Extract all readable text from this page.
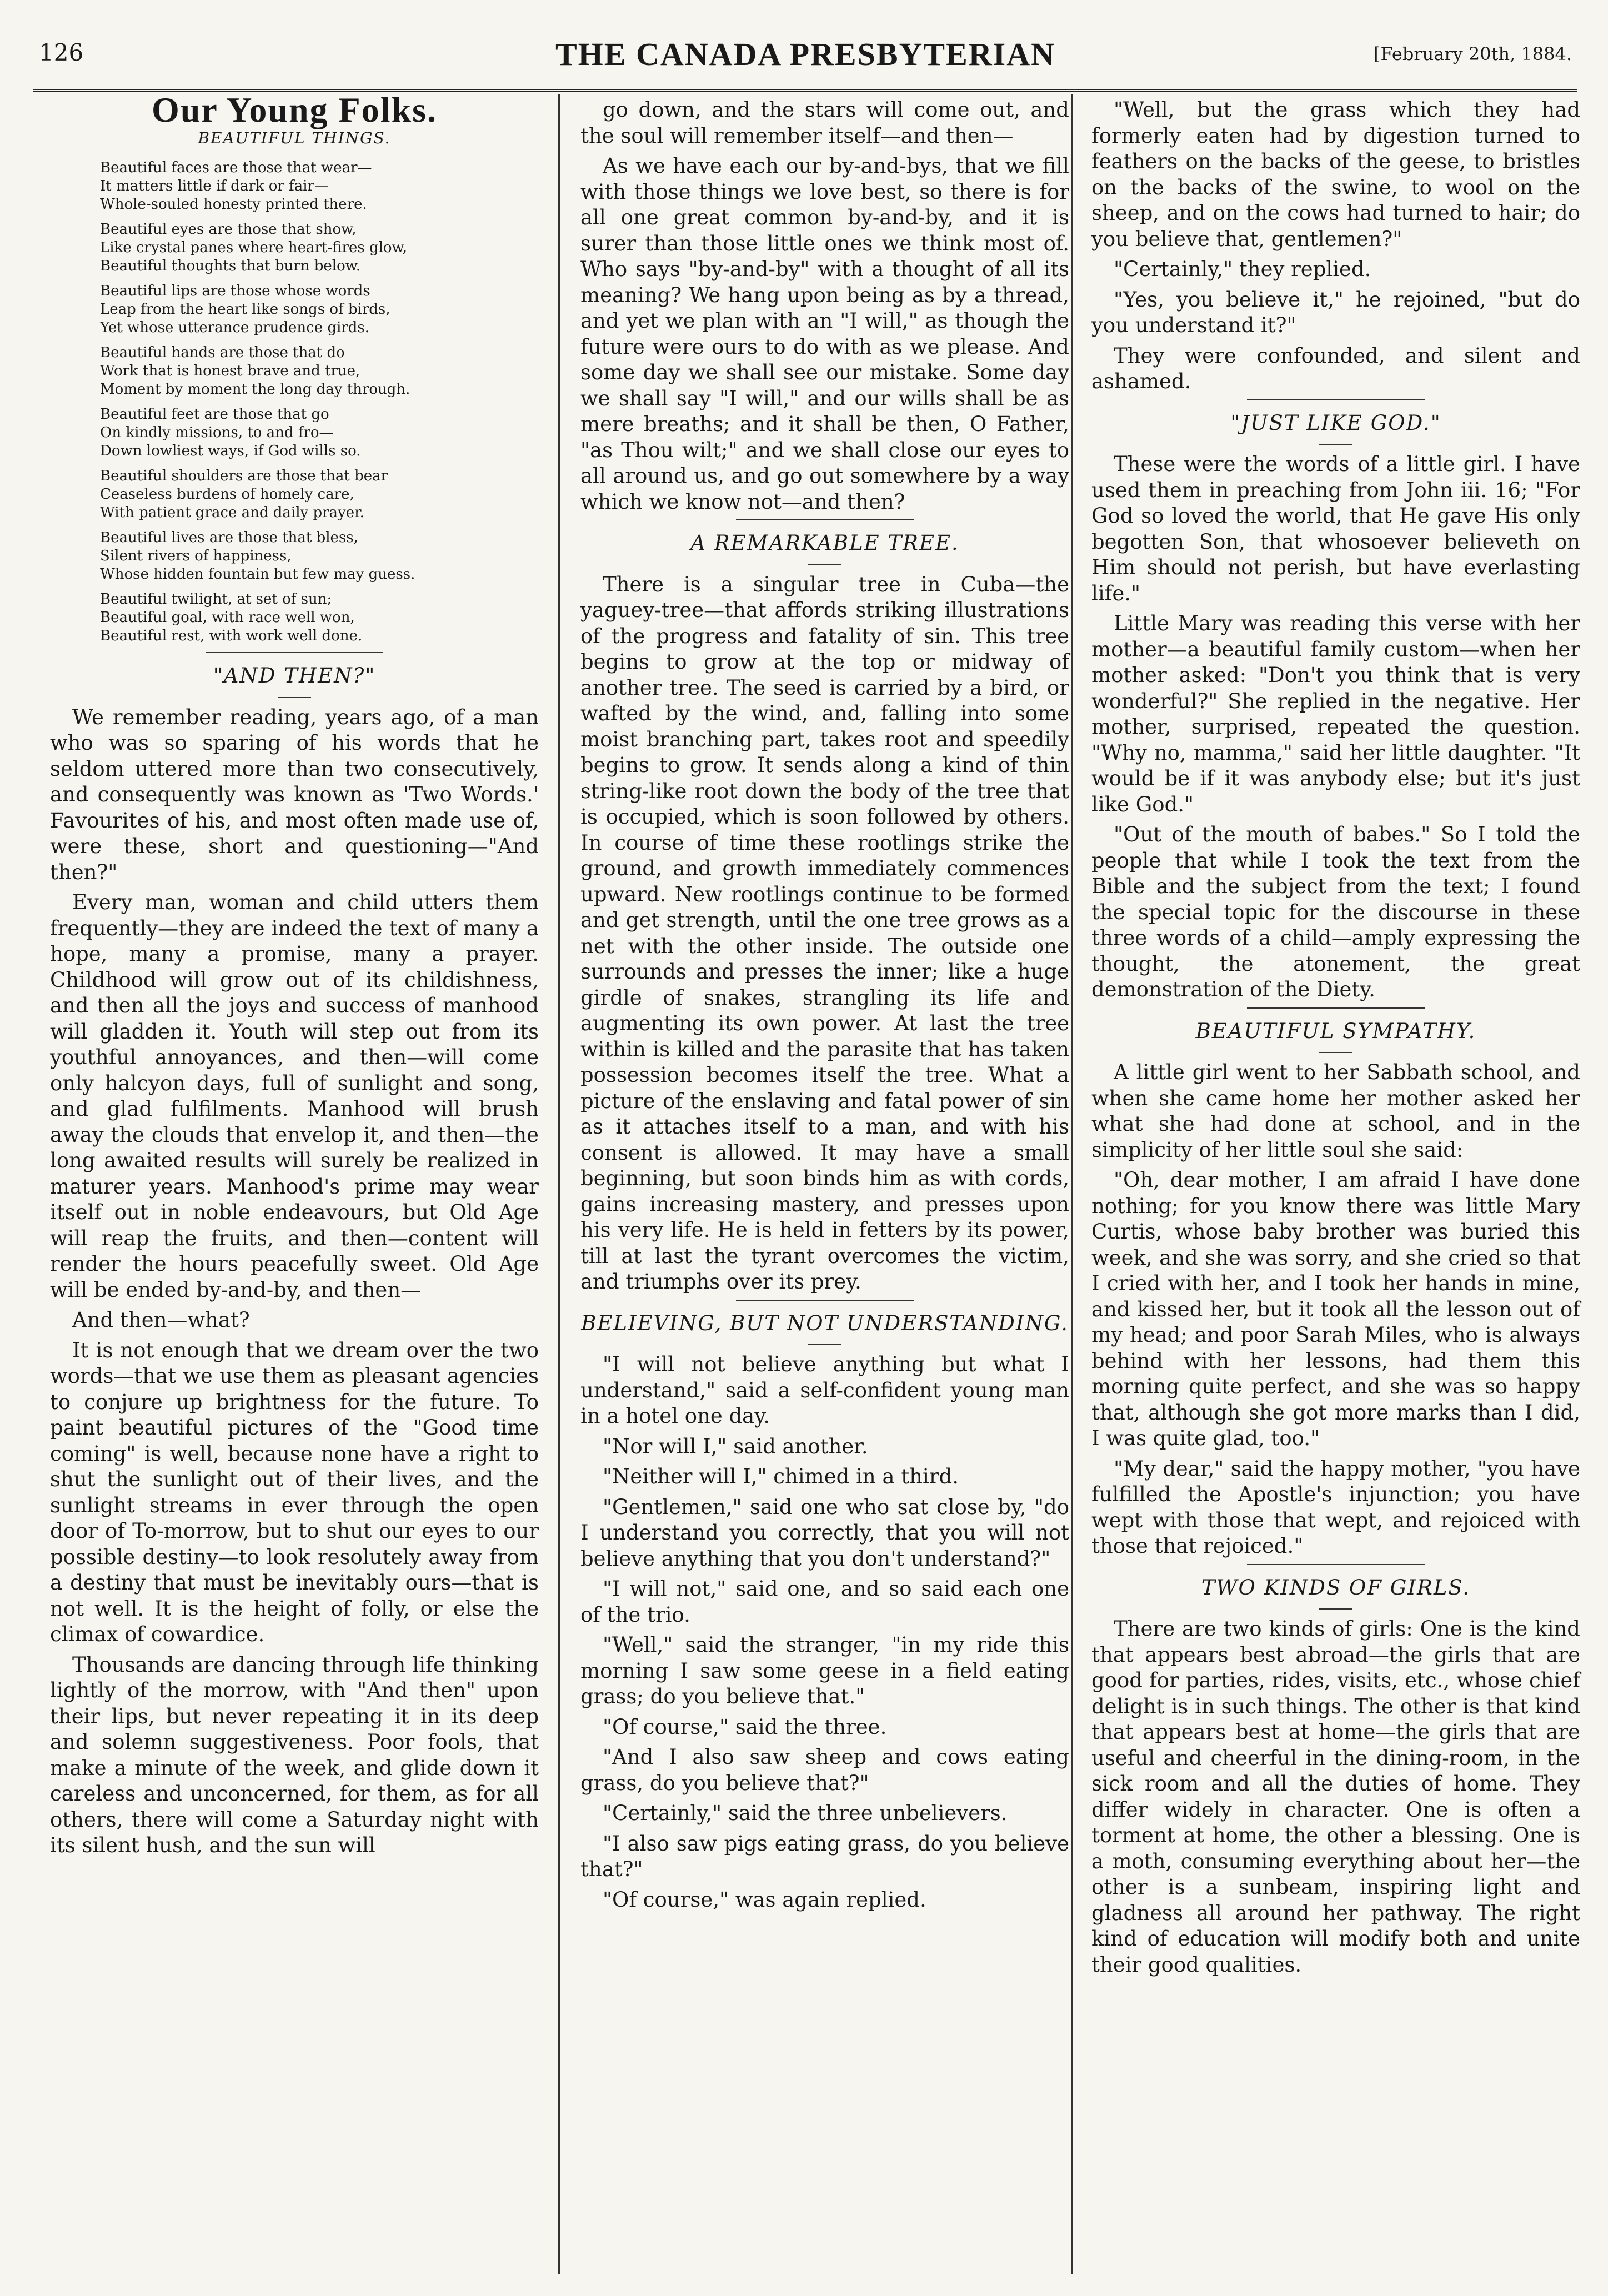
126	THE CANADA PRESBYTERIAN	[February 20th, 1884.
Our Young Folks.
BEAUTIFUL THINGS.
Beautiful faces are those that wear—
It matters little if dark or fair—
Whole-souled honesty printed there.
Beautiful eyes are those that show,
Like crystal panes where heart-fires glow,
Beautiful thoughts that burn below.
Beautiful lips are those whose words
Leap from the heart like songs of birds,
Yet whose utterance prudence girds.
Beautiful hands are those that do
Work that is honest brave and true,
Moment by moment the long day through.
Beautiful feet are those that go
On kindly missions, to and fro—
Down lowliest ways, if God wills so.
Beautiful shoulders are those that bear
Ceaseless burdens of homely care,
With patient grace and daily prayer.
Beautiful lives are those that bless,
Silent rivers of happiness,
Whose hidden fountain but few may guess.
Beautiful twilight, at set of sun;
Beautiful goal, with race well won,
Beautiful rest, with work well done.
"AND THEN?"

We remember reading, years ago, of a man who was so sparing of his words that he seldom uttered more than two consecutively, and consequently was known as 'Two Words.' Favourites of his, and most often made use of, were these, short and questioning—"And then?"

Every man, woman and child utters them frequently—they are indeed the text of many a hope, many a promise, many a prayer. Childhood will grow out of its childishness, and then all the joys and success of manhood will gladden it. Youth will step out from its youthful annoyances, and then—will come only halcyon days, full of sunlight and song, and glad fulfilments. Manhood will brush away the clouds that envelop it, and then—the long awaited results will surely be realized in maturer years. Manhood's prime may wear itself out in noble endeavours, but Old Age will reap the fruits, and then—content will render the hours peacefully sweet. Old Age will be ended by-and-by, and then—

And then—what?

It is not enough that we dream over the two words—that we use them as pleasant agencies to conjure up brightness for the future. To paint beautiful pictures of the "Good time coming" is well, because none have a right to shut the sunlight out of their lives, and the sunlight streams in ever through the open door of To-morrow, but to shut our eyes to our possible destiny—to look resolutely away from a destiny that must be inevitably ours—that is not well. It is the height of folly, or else the climax of cowardice.

Thousands are dancing through life thinking lightly of the morrow, with "And then" upon their lips, but never repeating it in its deep and solemn suggestiveness. Poor fools, that make a minute of the week, and glide down it careless and unconcerned, for them, as for all others, there will come a Saturday night with its silent hush, and the sun will

go down, and the stars will come out, and the soul will remember itself—and then—

As we have each our by-and-bys, that we fill with those things we love best, so there is for all one great common by-and-by, and it is surer than those little ones we think most of. Who says "by-and-by" with a thought of all its meaning? We hang upon being as by a thread, and yet we plan with an "I will," as though the future were ours to do with as we please. And some day we shall see our mistake. Some day we shall say "I will," and our wills shall be as mere breaths; and it shall be then, O Father, "as Thou wilt;" and we shall close our eyes to all around us, and go out somewhere by a way which we know not—and then?

A REMARKABLE TREE.

There is a singular tree in Cuba—the yaguey-tree—that affords striking illustrations of the progress and fatality of sin. This tree begins to grow at the top or midway of another tree. The seed is carried by a bird, or wafted by the wind, and, falling into some moist branching part, takes root and speedily begins to grow. It sends along a kind of thin string-like root down the body of the tree that is occupied, which is soon followed by others. In course of time these rootlings strike the ground, and growth immediately commences upward. New rootlings continue to be formed and get strength, until the one tree grows as a net with the other inside. The outside one surrounds and presses the inner; like a huge girdle of snakes, strangling its life and augmenting its own power. At last the tree within is killed and the parasite that has taken possession becomes itself the tree. What a picture of the enslaving and fatal power of sin as it attaches itself to a man, and with his consent is allowed. It may have a small beginning, but soon binds him as with cords, gains increasing mastery, and presses upon his very life. He is held in fetters by its power, till at last the tyrant overcomes the victim, and triumphs over its prey.

BELIEVING, BUT NOT UNDERSTANDING.

"I will not believe anything but what I understand," said a self-confident young man in a hotel one day.

"Nor will I," said another.

"Neither will I," chimed in a third.

"Gentlemen," said one who sat close by, "do I understand you correctly, that you will not believe anything that you don't understand?"

"I will not," said one, and so said each one of the trio.

"Well," said the stranger, "in my ride this morning I saw some geese in a field eating grass; do you believe that."

"Of course," said the three.

"And I also saw sheep and cows eating grass, do you believe that?"

"Certainly," said the three unbelievers.

"I also saw pigs eating grass, do you believe that?"

"Of course," was again replied.

"Well, but the grass which they had formerly eaten had by digestion turned to feathers on the backs of the geese, to bristles on the backs of the swine, to wool on the sheep, and on the cows had turned to hair; do you believe that, gentlemen?"

"Certainly," they replied.

"Yes, you believe it," he rejoined, "but do you understand it?"

They were confounded, and silent and ashamed.

"JUST LIKE GOD."

These were the words of a little girl. I have used them in preaching from John iii. 16; "For God so loved the world, that He gave His only begotten Son, that whosoever believeth on Him should not perish, but have everlasting life."

Little Mary was reading this verse with her mother—a beautiful family custom—when her mother asked: "Don't you think that is very wonderful?" She replied in the negative. Her mother, surprised, repeated the question. "Why no, mamma," said her little daughter. "It would be if it was anybody else; but it's just like God."

"Out of the mouth of babes." So I told the people that while I took the text from the Bible and the subject from the text; I found the special topic for the discourse in these three words of a child—amply expressing the thought, the atonement, the great demonstration of the Diety.

BEAUTIFUL SYMPATHY.

A little girl went to her Sabbath school, and when she came home her mother asked her what she had done at school, and in the simplicity of her little soul she said:

"Oh, dear mother, I am afraid I have done nothing; for you know there was little Mary Curtis, whose baby brother was buried this week, and she was sorry, and she cried so that I cried with her, and I took her hands in mine, and kissed her, but it took all the lesson out of my head; and poor Sarah Miles, who is always behind with her lessons, had them this morning quite perfect, and she was so happy that, although she got more marks than I did, I was quite glad, too."

"My dear," said the happy mother, "you have fulfilled the Apostle's injunction; you have wept with those that wept, and rejoiced with those that rejoiced."

TWO KINDS OF GIRLS.

There are two kinds of girls: One is the kind that appears best abroad—the girls that are good for parties, rides, visits, etc., whose chief delight is in such things. The other is that kind that appears best at home—the girls that are useful and cheerful in the dining-room, in the sick room and all the duties of home. They differ widely in character. One is often a torment at home, the other a blessing. One is a moth, consuming everything about her—the other is a sunbeam, inspiring light and gladness all around her pathway. The right kind of education will modify both and unite their good qualities.
